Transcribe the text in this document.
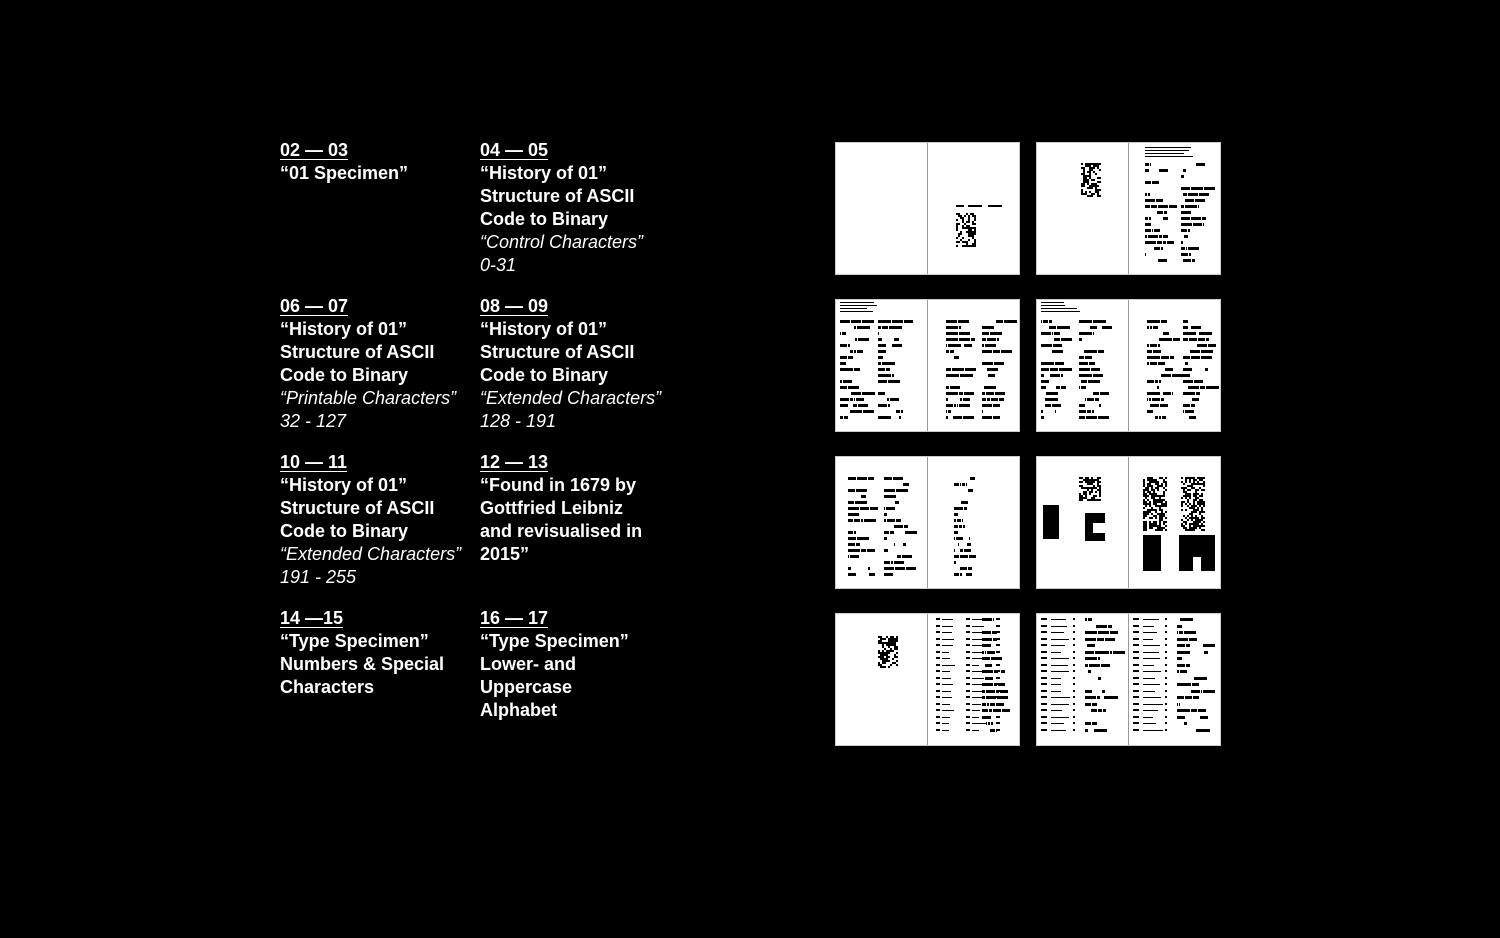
02 — 03
“01 Specimen”
04 — 05
“History of 01”
Structure of ASCII
Code to Binary
“Control Characters”
0-31
06 — 07
“History of 01”
Structure of ASCII
Code to Binary
“Printable Characters”
32 - 127
08 — 09
“History of 01”
Structure of ASCII
Code to Binary
“Extended Characters”
128 - 191
10 — 11
“History of 01”
Structure of ASCII
Code to Binary
“Extended Characters”
191 - 255
12 — 13
“Found in 1679 by
Gottfried Leibniz
and revisualised in
2015”
14 —15
“Type Specimen”
Numbers & Special
Characters
16 — 17
“Type Specimen”
Lower- and
Uppercase
Alphabet
